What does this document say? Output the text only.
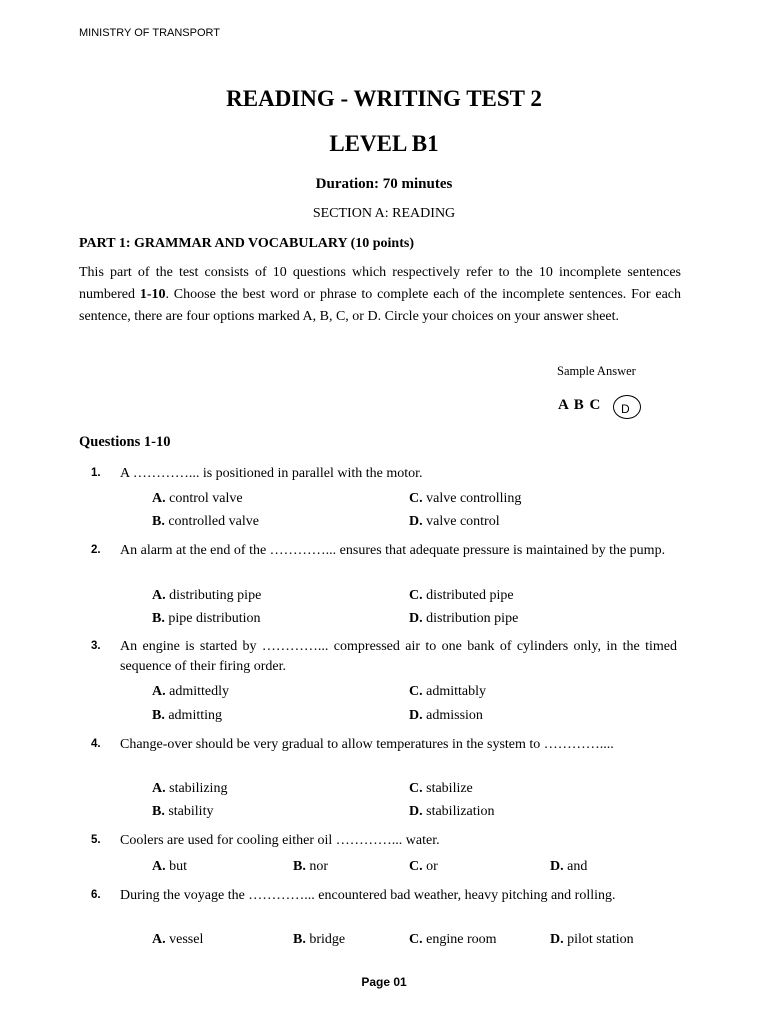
MINISTRY OF TRANSPORT
READING - WRITING TEST 2
LEVEL B1
Duration: 70 minutes
SECTION A: READING
PART 1: GRAMMAR AND VOCABULARY (10 points)
This part of the test consists of 10 questions which respectively refer to the 10 incomplete sentences numbered 1-10. Choose the best word or phrase to complete each of the incomplete sentences. For each sentence, there are four options marked A, B, C, or D. Circle your choices on your answer sheet.
Sample Answer
A B C D
Questions 1-10
1. A …………... is positioned in parallel with the motor.
A. control valve	C. valve controlling
B. controlled valve	D. valve control
2. An alarm at the end of the …………... ensures that adequate pressure is maintained by the pump.
A. distributing pipe	C. distributed pipe
B. pipe distribution	D. distribution pipe
3. An engine is started by …………... compressed air to one bank of cylinders only, in the timed sequence of their firing order.
A. admittedly	C. admittably
B. admitting	D. admission
4. Change-over should be very gradual to allow temperatures in the system to …………....
A. stabilizing	C. stabilize
B. stability	D. stabilization
5. Coolers are used for cooling either oil …………... water.
A. but	B. nor	C. or	D. and
6. During the voyage the …………... encountered bad weather, heavy pitching and rolling.
A. vessel	B. bridge	C. engine room	D. pilot station
Page 01
